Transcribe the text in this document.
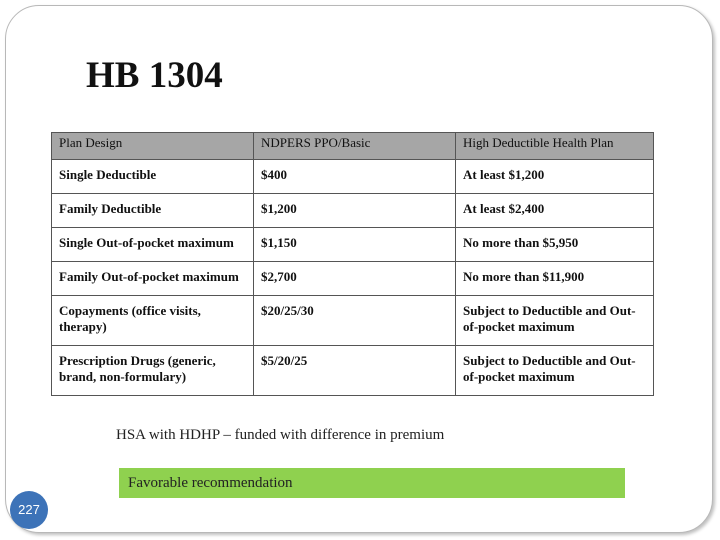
HB 1304
Plan Design	NDPERS PPO/Basic	High Deductible Health Plan
Single Deductible	$400	At least $1,200
Family Deductible	$1,200	At least $2,400
Single Out-of-pocket maximum	$1,150	No more than $5,950
Family Out-of-pocket maximum	$2,700	No more than $11,900
Copayments (office visits, therapy)	$20/25/30	Subject to Deductible and Out-of-pocket maximum
Prescription Drugs (generic, brand, non-formulary)	$5/20/25	Subject to Deductible and Out-of-pocket maximum
HSA with HDHP – funded with difference in premium
Favorable recommendation
227
